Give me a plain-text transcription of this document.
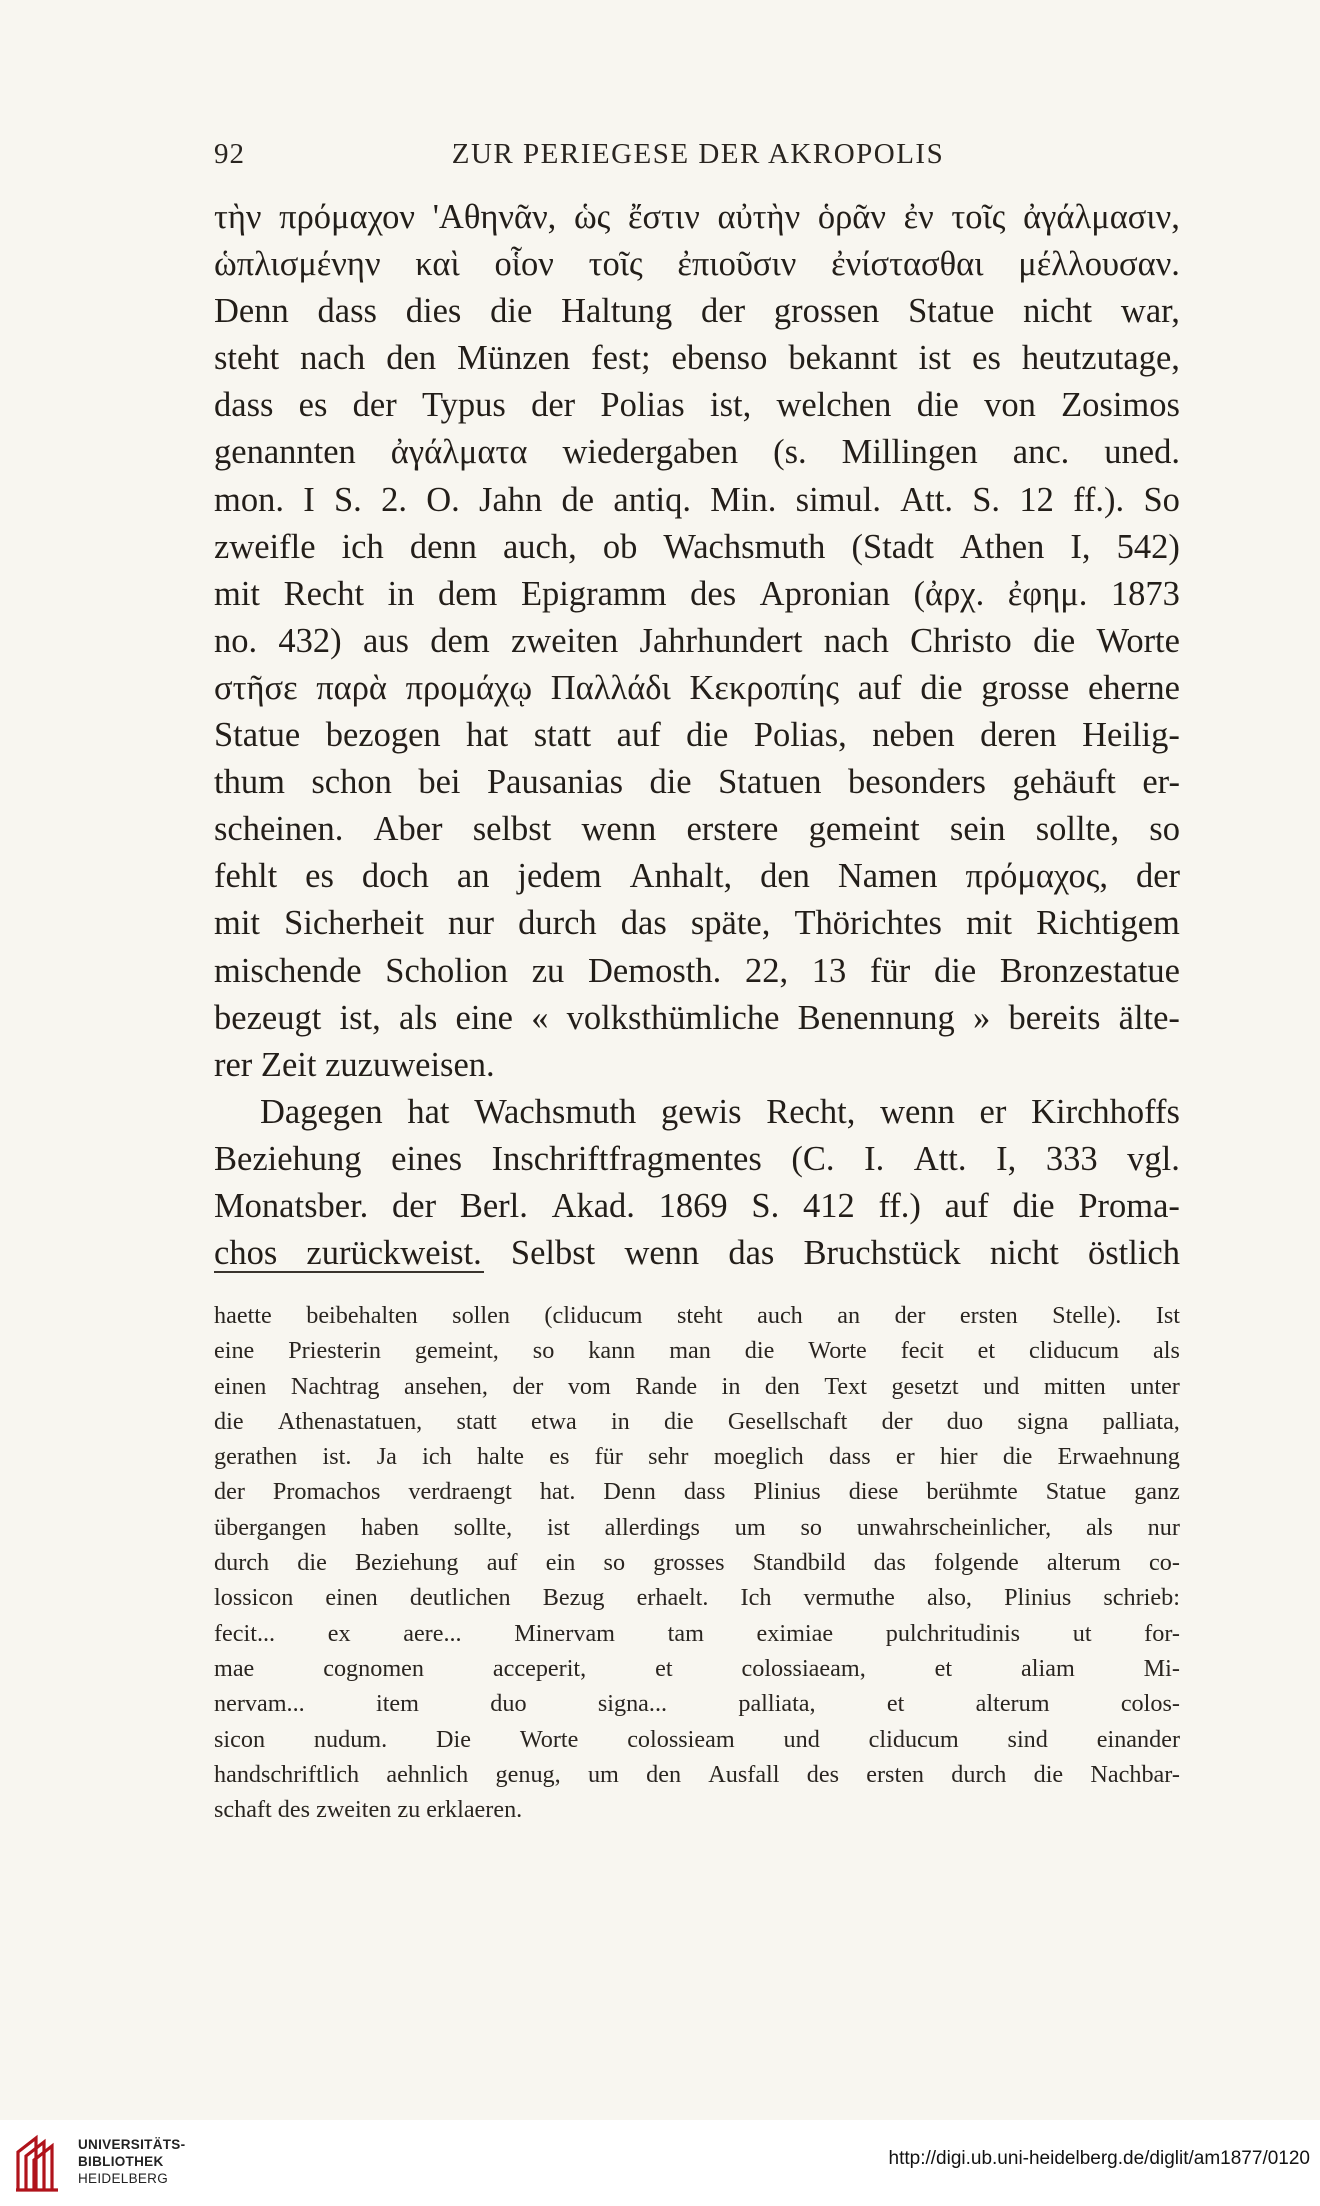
92	ZUR PERIEGESE DER AKROPOLIS
τὴν πρόμαχον 'Αθηνᾶν, ὡς ἔστιν αὐτὴν ὁρᾶν ἐν τοῖς ἀγάλμασιν,
ὡπλισμένην καὶ οἷον τοῖς ἐπιοῦσιν ἐνίστασθαι μέλλουσαν.
Denn dass dies die Haltung der grossen Statue nicht war,
steht nach den Münzen fest; ebenso bekannt ist es heutzutage,
dass es der Typus der Polias ist, welchen die von Zosimos
genannten ἀγάλματα wiedergaben (s. Millingen anc. uned.
mon. I S. 2. O. Jahn de antiq. Min. simul. Att. S. 12 ff.). So
zweifle ich denn auch, ob Wachsmuth (Stadt Athen I, 542)
mit Recht in dem Epigramm des Apronian (ἀρχ. ἐφημ. 1873
no. 432) aus dem zweiten Jahrhundert nach Christo die Worte
στῆσε παρὰ προμάχῳ Παλλάδι Κεκροπίης auf die grosse eherne
Statue bezogen hat statt auf die Polias, neben deren Heilig-
thum schon bei Pausanias die Statuen besonders gehäuft er-
scheinen. Aber selbst wenn erstere gemeint sein sollte, so
fehlt es doch an jedem Anhalt, den Namen πρόμαχος, der
mit Sicherheit nur durch das späte, Thörichtes mit Richtigem
mischende Scholion zu Demosth. 22, 13 für die Bronzestatue
bezeugt ist, als eine « volksthümliche Benennung » bereits älte-
rer Zeit zuzuweisen.
Dagegen hat Wachsmuth gewis Recht, wenn er Kirchhoffs
Beziehung eines Inschriftfragmentes (C. I. Att. I, 333 vgl.
Monatsber. der Berl. Akad. 1869 S. 412 ff.) auf die Proma-
chos zurückweist. Selbst wenn das Bruchstück nicht östlich
haette beibehalten sollen (cliducum steht auch an der ersten Stelle). Ist
eine Priesterin gemeint, so kann man die Worte fecit et cliducum als
einen Nachtrag ansehen, der vom Rande in den Text gesetzt und mitten unter
die Athenastatuen, statt etwa in die Gesellschaft der duo signa palliata,
gerathen ist. Ja ich halte es für sehr moeglich dass er hier die Erwaehnung
der Promachos verdraengt hat. Denn dass Plinius diese berühmte Statue ganz
übergangen haben sollte, ist allerdings um so unwahrscheinlicher, als nur
durch die Beziehung auf ein so grosses Standbild das folgende alterum co-
lossicon einen deutlichen Bezug erhaelt. Ich vermuthe also, Plinius schrieb:
fecit... ex aere... Minervam tam eximiae pulchritudinis ut for-
mae	cognomen	acceperit,	et	colossiaeam,	et	aliam	Mi-
nervam...	item	duo	signa...	palliata,	et	alterum	colos-
sicon nudum. Die Worte colossieam und cliducum sind einander
handschriftlich aehnlich genug, um den Ausfall des ersten durch die Nachbar-
schaft des zweiten zu erklaeren.
UNIVERSITÄTS-
BIBLIOTHEK
HEIDELBERG
http://digi.ub.uni-heidelberg.de/diglit/am1877/0120
